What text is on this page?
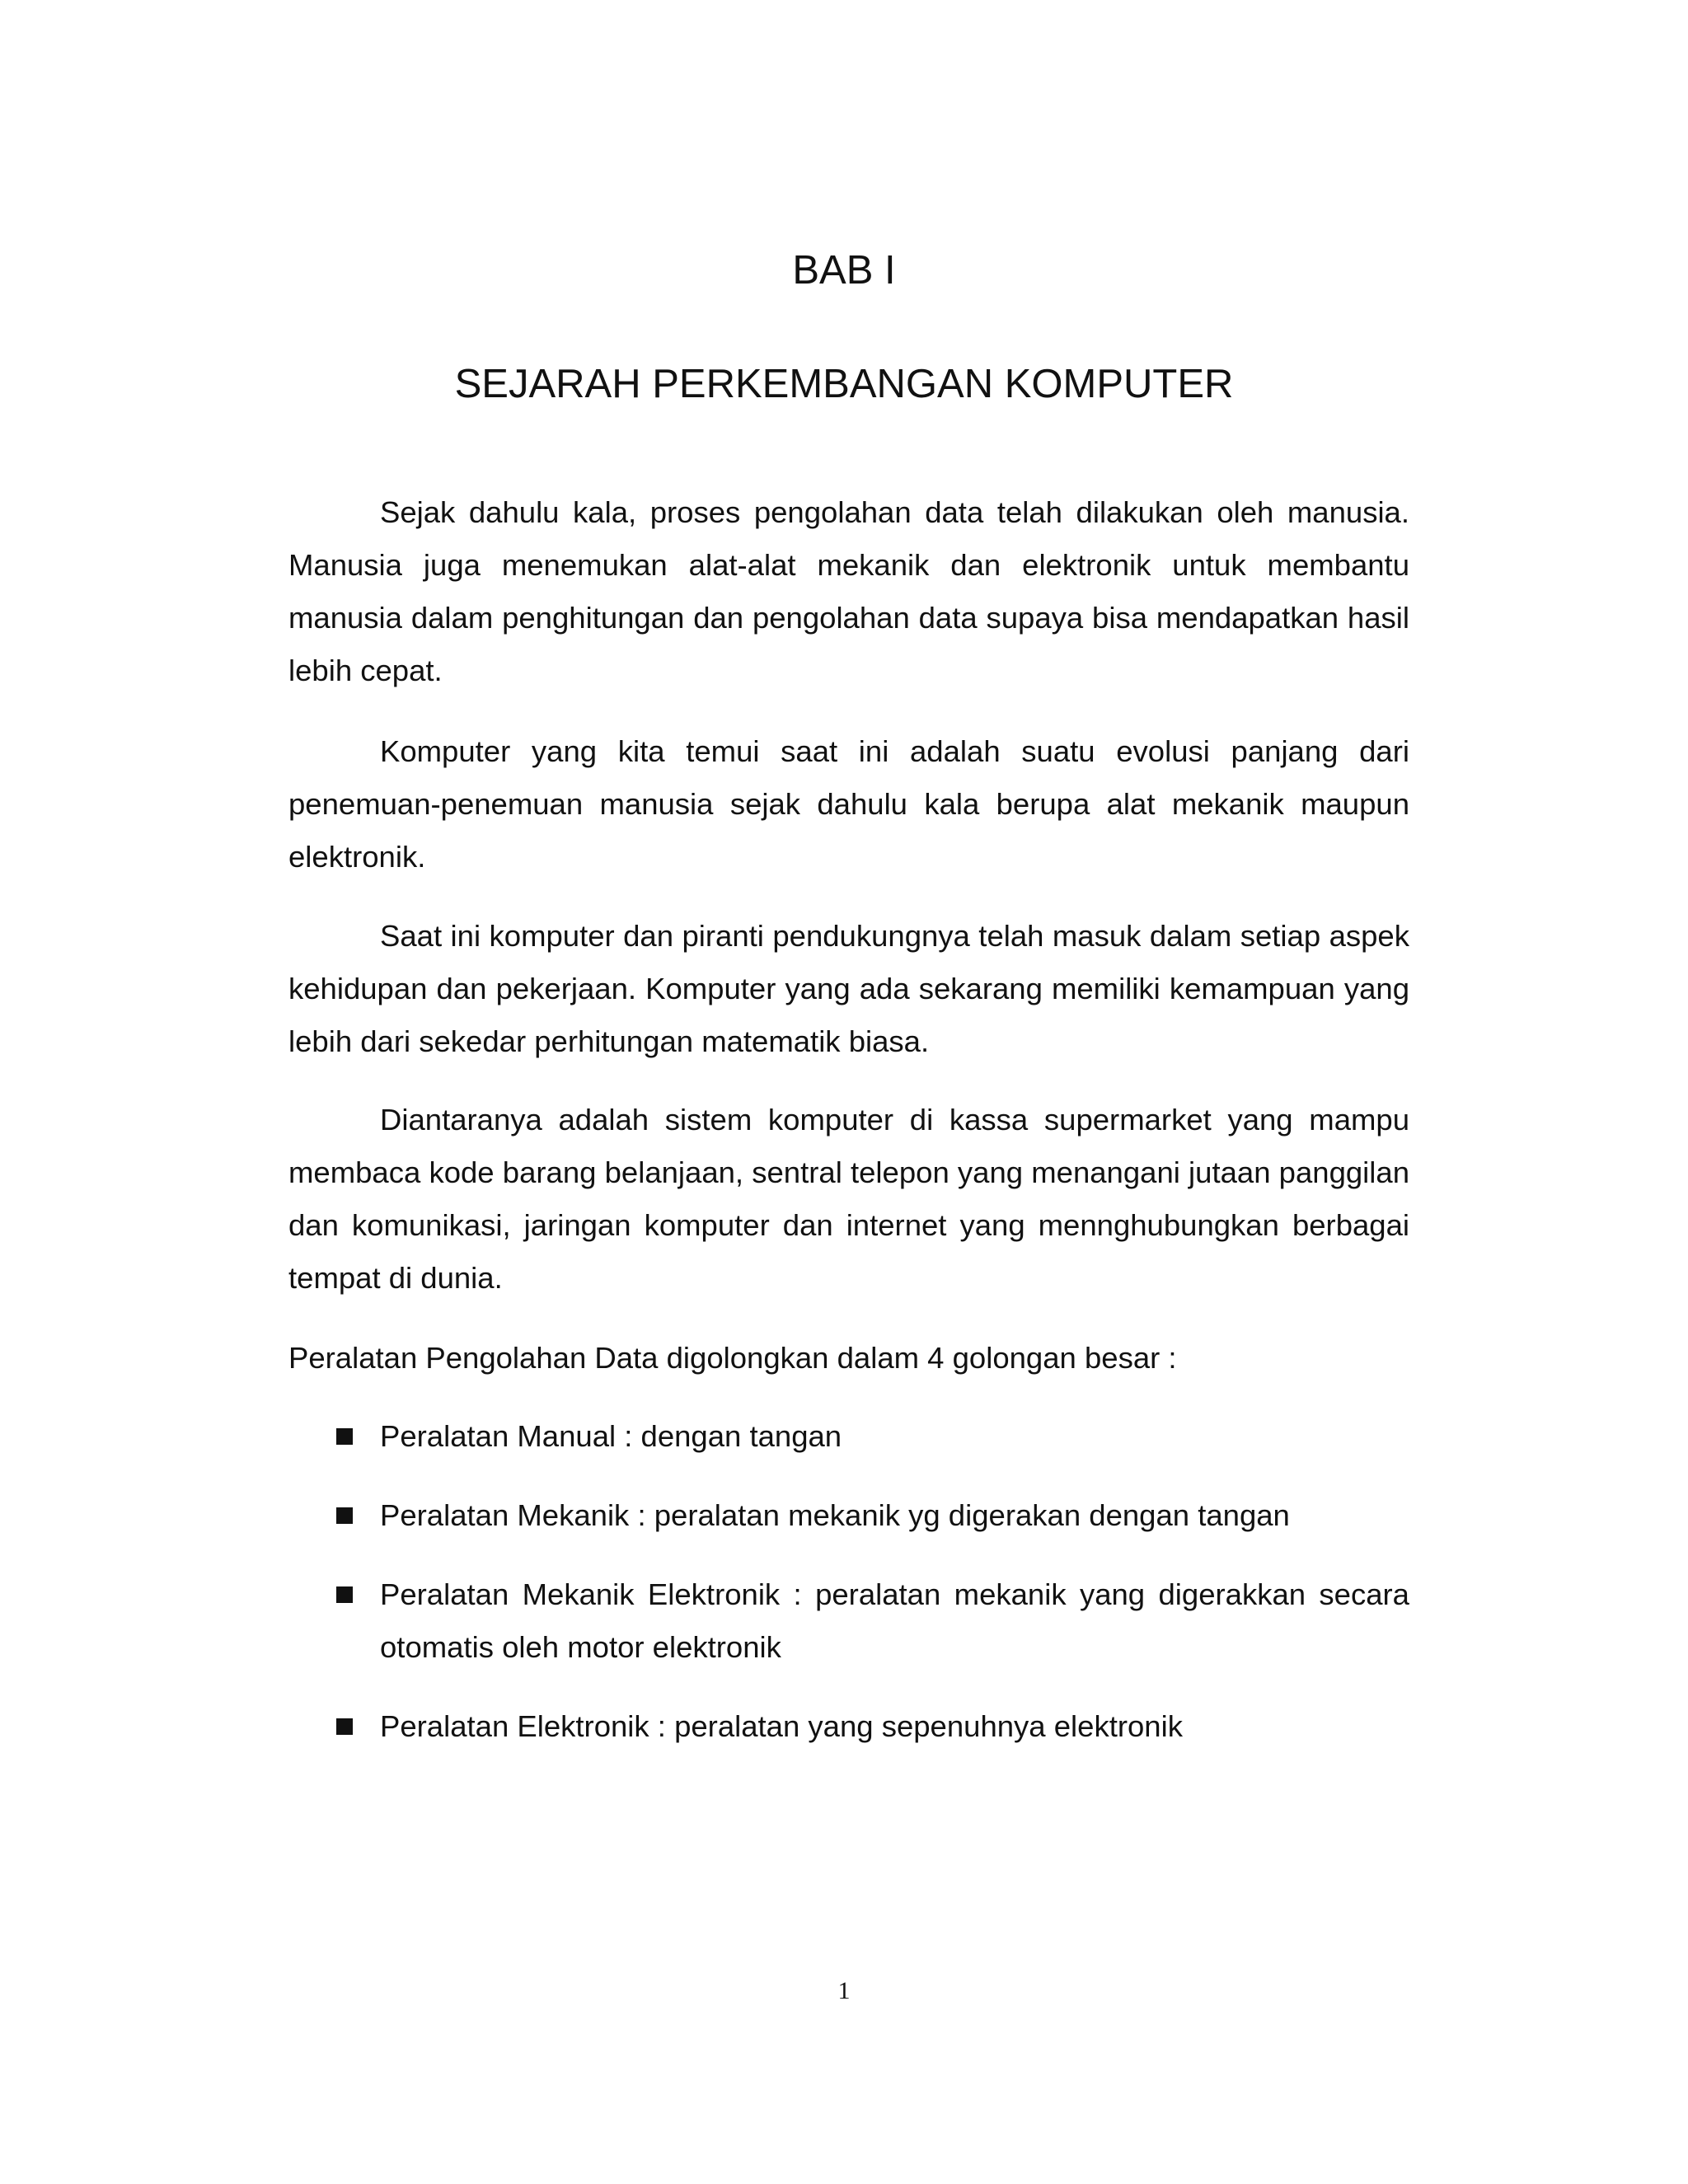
BAB I
SEJARAH PERKEMBANGAN KOMPUTER

Sejak dahulu kala, proses pengolahan data telah dilakukan oleh manusia. Manusia juga menemukan alat-alat mekanik dan elektronik untuk membantu manusia dalam penghitungan dan pengolahan data supaya bisa mendapatkan hasil lebih cepat.

Komputer yang kita temui saat ini adalah suatu evolusi panjang dari penemuan-penemuan manusia sejak dahulu kala berupa alat mekanik maupun elektronik.

Saat ini komputer dan piranti pendukungnya telah masuk dalam setiap aspek kehidupan dan pekerjaan. Komputer yang ada sekarang memiliki kemampuan yang lebih dari sekedar perhitungan matematik biasa.

Diantaranya adalah sistem komputer di kassa supermarket yang mampu membaca kode barang belanjaan, sentral telepon yang menangani jutaan panggilan dan komunikasi, jaringan komputer dan internet yang mennghubungkan berbagai tempat di dunia.

Peralatan Pengolahan Data digolongkan dalam 4 golongan besar :

Peralatan Manual : dengan tangan
Peralatan Mekanik : peralatan mekanik yg digerakan dengan tangan
Peralatan Mekanik Elektronik : peralatan mekanik yang digerakkan secara otomatis oleh motor elektronik
Peralatan Elektronik : peralatan yang sepenuhnya elektronik
1
